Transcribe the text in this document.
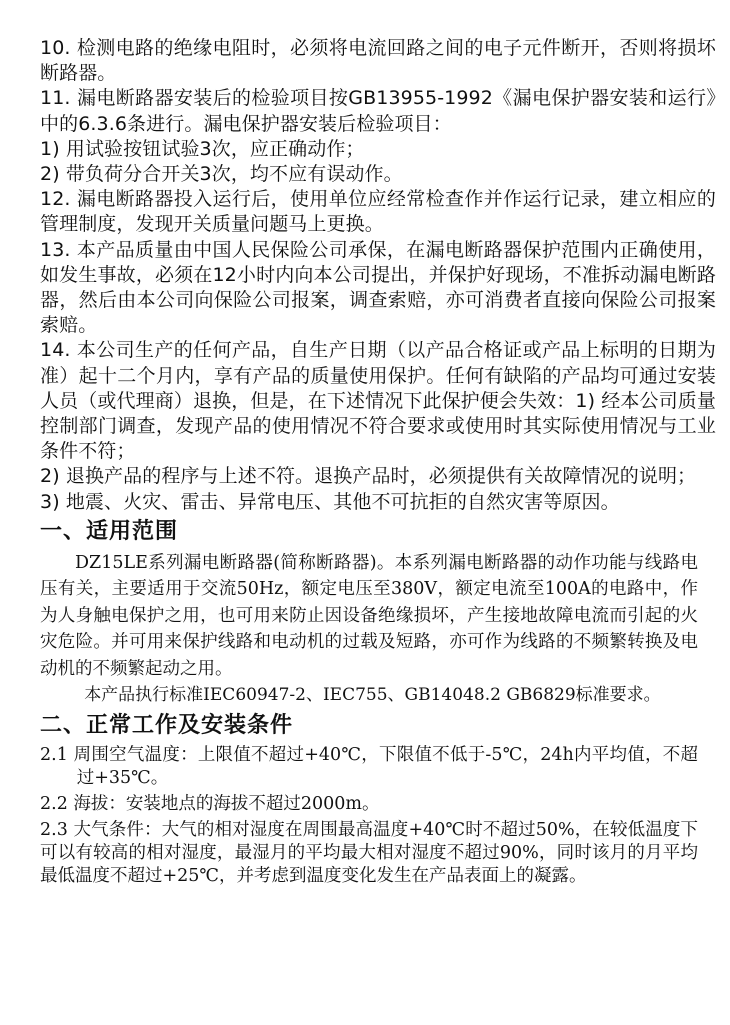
10. 检测电路的绝缘电阻时，必须将电流回路之间的电子元件断开，否则将损坏断路器。

11. 漏电断路器安装后的检验项目按GB13955-1992《漏电保护器安装和运行》中的6.3.6条进行。漏电保护器安装后检验项目：

1) 用试验按钮试验3次，应正确动作；

2) 带负荷分合开关3次，均不应有误动作。

12. 漏电断路器投入运行后，使用单位应经常检查作并作运行记录，建立相应的管理制度，发现开关质量问题马上更换。

13. 本产品质量由中国人民保险公司承保，在漏电断路器保护范围内正确使用，如发生事故，必须在12小时内向本公司提出，并保护好现场，不准拆动漏电断路器，然后由本公司向保险公司报案，调查索赔，亦可消费者直接向保险公司报案索赔。

14. 本公司生产的任何产品，自生产日期（以产品合格证或产品上标明的日期为准）起十二个月内，享有产品的质量使用保护。任何有缺陷的产品均可通过安装人员（或代理商）退换，但是，在下述情况下此保护便会失效：1) 经本公司质量控制部门调查，发现产品的使用情况不符合要求或使用时其实际使用情况与工业条件不符；

2) 退换产品的程序与上述不符。退换产品时，必须提供有关故障情况的说明；

3) 地震、火灾、雷击、异常电压、其他不可抗拒的自然灾害等原因。

一、适用范围

DZ15LE系列漏电断路器(简称断路器)。本系列漏电断路器的动作功能与线路电压有关，主要适用于交流50Hz，额定电压至380V，额定电流至100A的电路中，作为人身触电保护之用，也可用来防止因设备绝缘损坏，产生接地故障电流而引起的火灾危险。并可用来保护线路和电动机的过载及短路，亦可作为线路的不频繁转换及电动机的不频繁起动之用。

本产品执行标准IEC60947-2、IEC755、GB14048.2 GB6829标准要求。

二、正常工作及安装条件

2.1 周围空气温度：上限值不超过+40℃，下限值不低于-5℃，24h内平均值，不超过+35℃。

2.2 海拔：安装地点的海拔不超过2000m。

2.3 大气条件：大气的相对湿度在周围最高温度+40℃时不超过50%，在较低温度下可以有较高的相对湿度，最湿月的平均最大相对湿度不超过90%，同时该月的月平均最低温度不超过+25℃，并考虑到温度变化发生在产品表面上的凝露。
